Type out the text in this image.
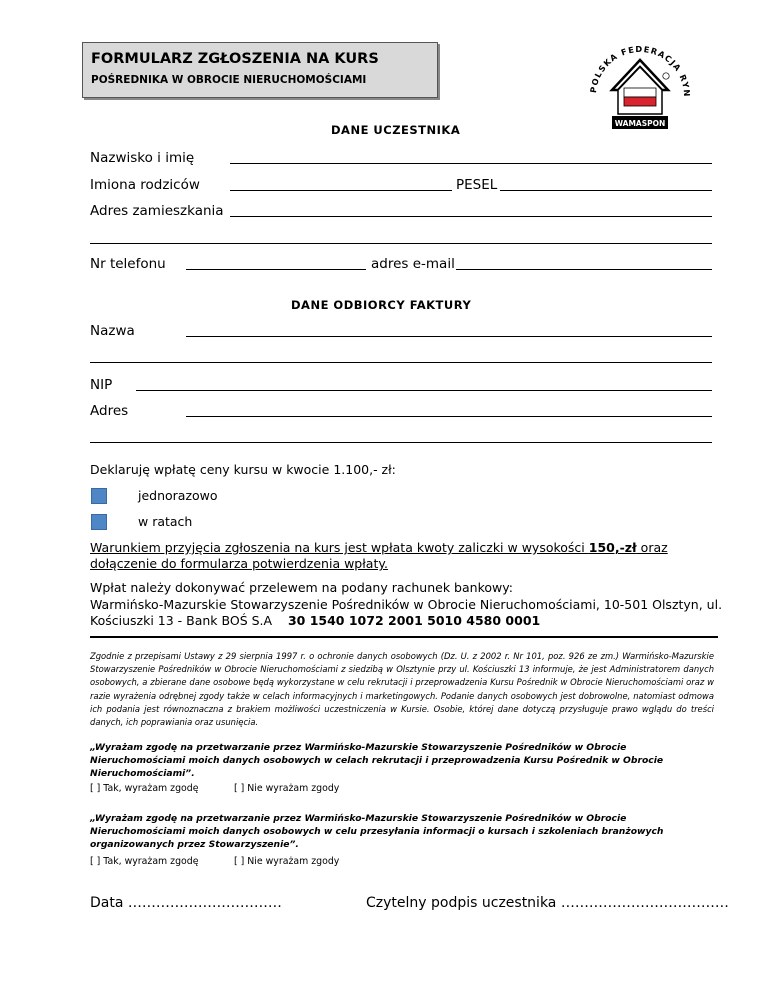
FORMULARZ ZGŁOSZENIA NA KURS
POŚREDNIKA W OBROCIE NIERUCHOMOŚCIAMI
POLSKA FEDERACJA RYN
WAMASPON
DANE UCZESTNIKA
Nazwisko i imię
Imiona rodziców	PESEL
Adres zamieszkania
Nr telefonu	adres e-mail
DANE ODBIORCY FAKTURY
Nazwa
NIP
Adres
Deklaruję wpłatę ceny kursu w kwocie 1.100,- zł:
jednorazowo
w ratach
Warunkiem przyjęcia zgłoszenia na kurs jest wpłata kwoty zaliczki w wysokości 150,-zł oraz dołączenie do formularza potwierdzenia wpłaty.
Wpłat należy dokonywać przelewem na podany rachunek bankowy:
Warmińsko-Mazurskie Stowarzyszenie Pośredników w Obrocie Nieruchomościami, 10-501 Olsztyn, ul.
Kościuszki 13 - Bank BOŚ S.A 30 1540 1072 2001 5010 4580 0001
Zgodnie z przepisami Ustawy z 29 sierpnia 1997 r. o ochronie danych osobowych (Dz. U. z 2002 r. Nr 101, poz. 926 ze zm.) Warmińsko-Mazurskie Stowarzyszenie Pośredników w Obrocie Nieruchomościami z siedzibą w Olsztynie przy ul. Kościuszki 13 informuje, że jest Administratorem danych osobowych, a zbierane dane osobowe będą wykorzystane w celu rekrutacji i przeprowadzenia Kursu Pośrednik w Obrocie Nieruchomościami oraz w razie wyrażenia odrębnej zgody także w celach informacyjnych i marketingowych. Podanie danych osobowych jest dobrowolne, natomiast odmowa ich podania jest równoznaczna z brakiem możliwości uczestniczenia w Kursie. Osobie, której dane dotyczą przysługuje prawo wglądu do treści danych, ich poprawiania oraz usunięcia.
„Wyrażam zgodę na przetwarzanie przez Warmińsko-Mazurskie Stowarzyszenie Pośredników w Obrocie Nieruchomościami moich danych osobowych w celach rekrutacji i przeprowadzenia Kursu Pośrednik w Obrocie Nieruchomościami”.
[ ] Tak, wyrażam zgodę	[ ] Nie wyrażam zgody
„Wyrażam zgodę na przetwarzanie przez Warmińsko-Mazurskie Stowarzyszenie Pośredników w Obrocie Nieruchomościami moich danych osobowych w celu przesyłania informacji o kursach i szkoleniach branżowych organizowanych przez Stowarzyszenie”.
[ ] Tak, wyrażam zgodę	[ ] Nie wyrażam zgody
Data ……………………………	Czytelny podpis uczestnika ………………………………
